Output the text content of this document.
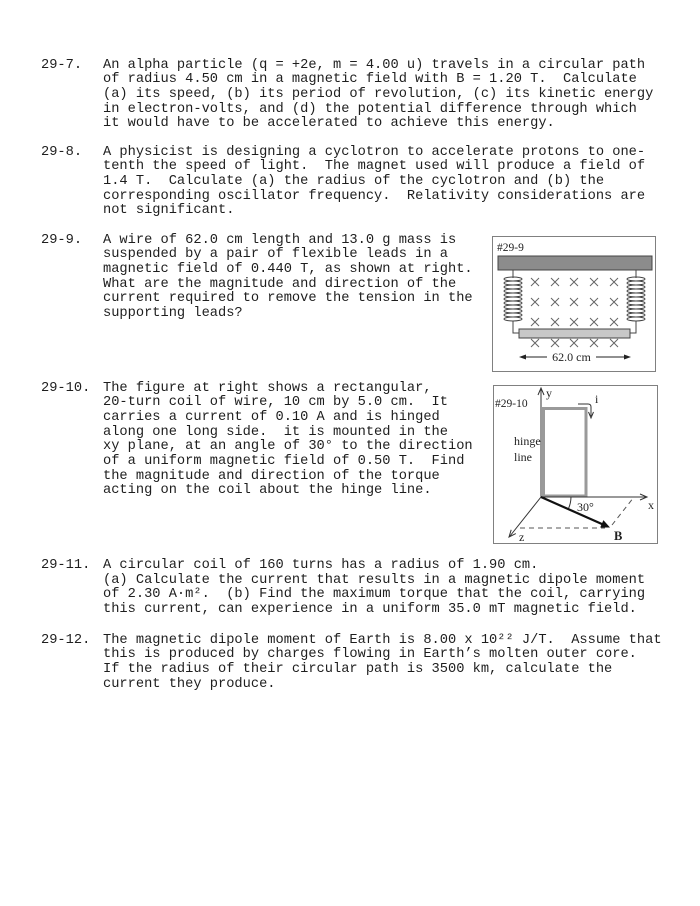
29-7. An alpha particle (q = +2e, m = 4.00 u) travels in a circular path
of radius 4.50 cm in a magnetic field with B = 1.20 T.  Calculate
(a) its speed, (b) its period of revolution, (c) its kinetic energy
in electron-volts, and (d) the potential difference through which
it would have to be accelerated to achieve this energy.
29-8. A physicist is designing a cyclotron to accelerate protons to one-
tenth the speed of light.  The magnet used will produce a field of
1.4 T.  Calculate (a) the radius of the cyclotron and (b) the
corresponding oscillator frequency.  Relativity considerations are
not significant.
29-9. A wire of 62.0 cm length and 13.0 g mass is
suspended by a pair of flexible leads in a
magnetic field of 0.440 T, as shown at right.
What are the magnitude and direction of the
current required to remove the tension in the
supporting leads?
#29-9
62.0 cm
29-10. The figure at right shows a rectangular,
20-turn coil of wire, 10 cm by 5.0 cm.  It
carries a current of 0.10 A and is hinged
along one long side.  it is mounted in the
xy plane, at an angle of 30° to the direction
of a uniform magnetic field of 0.50 T.  Find
the magnitude and direction of the torque
acting on the coil about the hinge line.
#29-10
y
x
z
i
hinge
line
30°
B
29-11. A circular coil of 160 turns has a radius of 1.90 cm.
(a) Calculate the current that results in a magnetic dipole moment
of 2.30 A·m².  (b) Find the maximum torque that the coil, carrying
this current, can experience in a uniform 35.0 mT magnetic field.
29-12. The magnetic dipole moment of Earth is 8.00 x 10²² J/T.  Assume that
this is produced by charges flowing in Earth’s molten outer core.
If the radius of their circular path is 3500 km, calculate the
current they produce.
